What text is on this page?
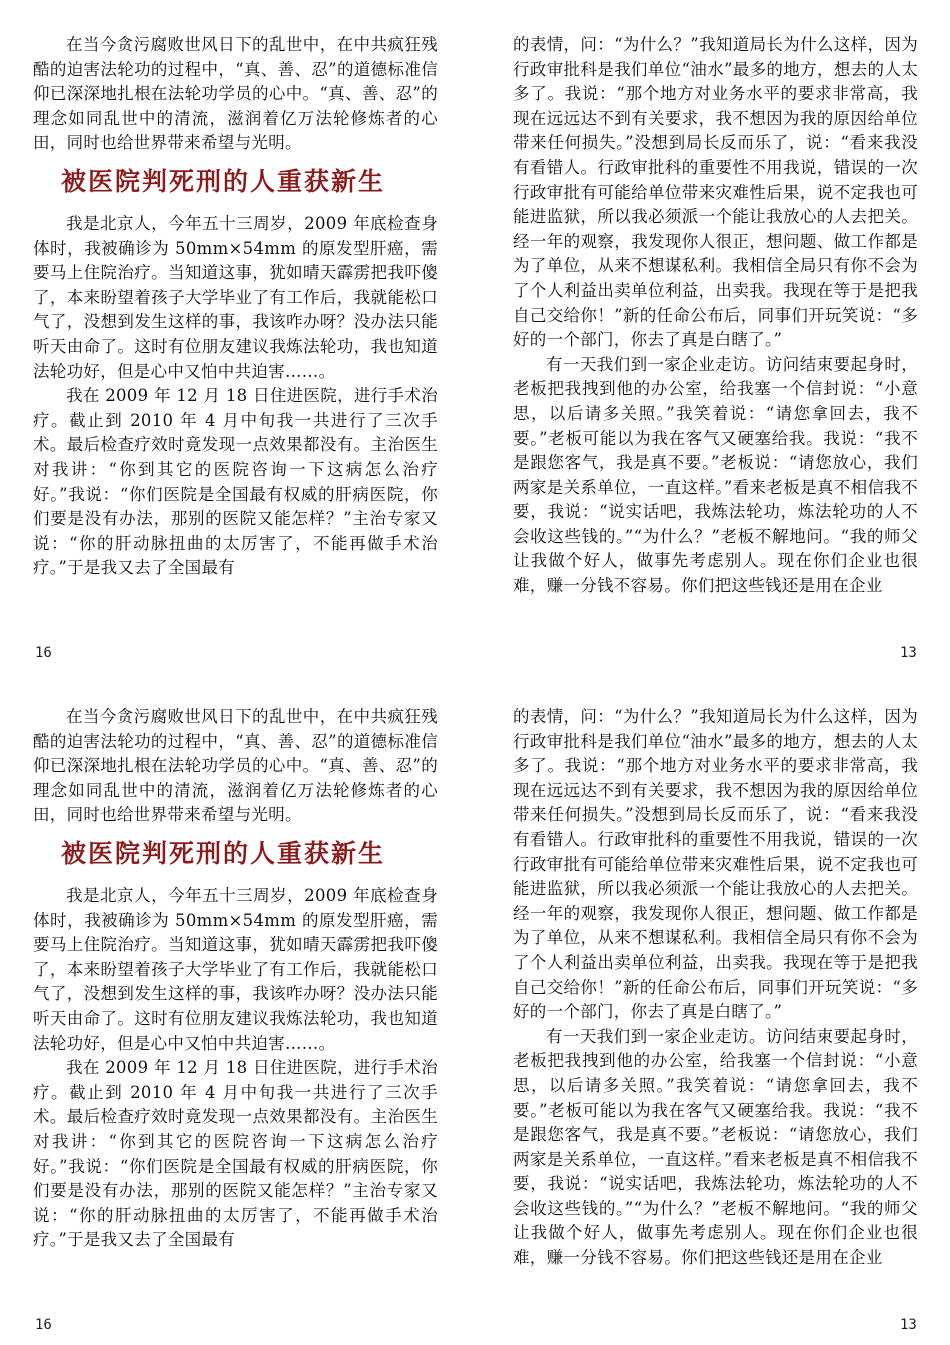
在当今贪污腐败世风日下的乱世中，在中共疯狂残酷的迫害法轮功的过程中，“真、善、忍”的道德标准信仰已深深地扎根在法轮功学员的心中。“真、善、忍”的理念如同乱世中的清流，滋润着亿万法轮修炼者的心田，同时也给世界带来希望与光明。

被医院判死刑的人重获新生

我是北京人，今年五十三周岁，2009 年底检查身体时，我被确诊为 50mm×54mm 的原发型肝癌，需要马上住院治疗。当知道这事，犹如晴天霹雳把我吓傻了，本来盼望着孩子大学毕业了有工作后，我就能松口气了，没想到发生这样的事，我该咋办呀？没办法只能听天由命了。这时有位朋友建议我炼法轮功，我也知道法轮功好，但是心中又怕中共迫害……。

我在 2009 年 12 月 18 日住进医院，进行手术治疗。截止到 2010 年 4 月中旬我一共进行了三次手术。最后检查疗效时竟发现一点效果都没有。主治医生对我讲：“你到其它的医院咨询一下这病怎么治疗好。”我说：“你们医院是全国最有权威的肝病医院，你们要是没有办法，那别的医院又能怎样？”主治专家又说：“你的肝动脉扭曲的太厉害了，不能再做手术治疗。”于是我又去了全国最有

的表情，问：“为什么？”我知道局长为什么这样，因为行政审批科是我们单位“油水”最多的地方，想去的人太多了。我说：“那个地方对业务水平的要求非常高，我现在远远达不到有关要求，我不想因为我的原因给单位带来任何损失。”没想到局长反而乐了，说：“看来我没有看错人。行政审批科的重要性不用我说，错误的一次行政审批有可能给单位带来灾难性后果，说不定我也可能进监狱，所以我必须派一个能让我放心的人去把关。经一年的观察，我发现你人很正，想问题、做工作都是为了单位，从来不想谋私利。我相信全局只有你不会为了个人利益出卖单位利益，出卖我。我现在等于是把我自己交给你！”新的任命公布后，同事们开玩笑说：“多好的一个部门，你去了真是白瞎了。”

有一天我们到一家企业走访。访问结束要起身时，老板把我拽到他的办公室，给我塞一个信封说：“小意思，以后请多关照。”我笑着说：“请您拿回去，我不要。”老板可能以为我在客气又硬塞给我。我说：“我不是跟您客气，我是真不要。”老板说：“请您放心，我们两家是关系单位，一直这样。”看来老板是真不相信我不要，我说：“说实话吧，我炼法轮功，炼法轮功的人不会收这些钱的。”“为什么？”老板不解地问。“我的师父让我做个好人，做事先考虑别人。现在你们企业也很难，赚一分钱不容易。你们把这些钱还是用在企业

16	13

在当今贪污腐败世风日下的乱世中，在中共疯狂残酷的迫害法轮功的过程中，“真、善、忍”的道德标准信仰已深深地扎根在法轮功学员的心中。“真、善、忍”的理念如同乱世中的清流，滋润着亿万法轮修炼者的心田，同时也给世界带来希望与光明。

被医院判死刑的人重获新生

我是北京人，今年五十三周岁，2009 年底检查身体时，我被确诊为 50mm×54mm 的原发型肝癌，需要马上住院治疗。当知道这事，犹如晴天霹雳把我吓傻了，本来盼望着孩子大学毕业了有工作后，我就能松口气了，没想到发生这样的事，我该咋办呀？没办法只能听天由命了。这时有位朋友建议我炼法轮功，我也知道法轮功好，但是心中又怕中共迫害……。

我在 2009 年 12 月 18 日住进医院，进行手术治疗。截止到 2010 年 4 月中旬我一共进行了三次手术。最后检查疗效时竟发现一点效果都没有。主治医生对我讲：“你到其它的医院咨询一下这病怎么治疗好。”我说：“你们医院是全国最有权威的肝病医院，你们要是没有办法，那别的医院又能怎样？”主治专家又说：“你的肝动脉扭曲的太厉害了，不能再做手术治疗。”于是我又去了全国最有

的表情，问：“为什么？”我知道局长为什么这样，因为行政审批科是我们单位“油水”最多的地方，想去的人太多了。我说：“那个地方对业务水平的要求非常高，我现在远远达不到有关要求，我不想因为我的原因给单位带来任何损失。”没想到局长反而乐了，说：“看来我没有看错人。行政审批科的重要性不用我说，错误的一次行政审批有可能给单位带来灾难性后果，说不定我也可能进监狱，所以我必须派一个能让我放心的人去把关。经一年的观察，我发现你人很正，想问题、做工作都是为了单位，从来不想谋私利。我相信全局只有你不会为了个人利益出卖单位利益，出卖我。我现在等于是把我自己交给你！”新的任命公布后，同事们开玩笑说：“多好的一个部门，你去了真是白瞎了。”

有一天我们到一家企业走访。访问结束要起身时，老板把我拽到他的办公室，给我塞一个信封说：“小意思，以后请多关照。”我笑着说：“请您拿回去，我不要。”老板可能以为我在客气又硬塞给我。我说：“我不是跟您客气，我是真不要。”老板说：“请您放心，我们两家是关系单位，一直这样。”看来老板是真不相信我不要，我说：“说实话吧，我炼法轮功，炼法轮功的人不会收这些钱的。”“为什么？”老板不解地问。“我的师父让我做个好人，做事先考虑别人。现在你们企业也很难，赚一分钱不容易。你们把这些钱还是用在企业

16	13
